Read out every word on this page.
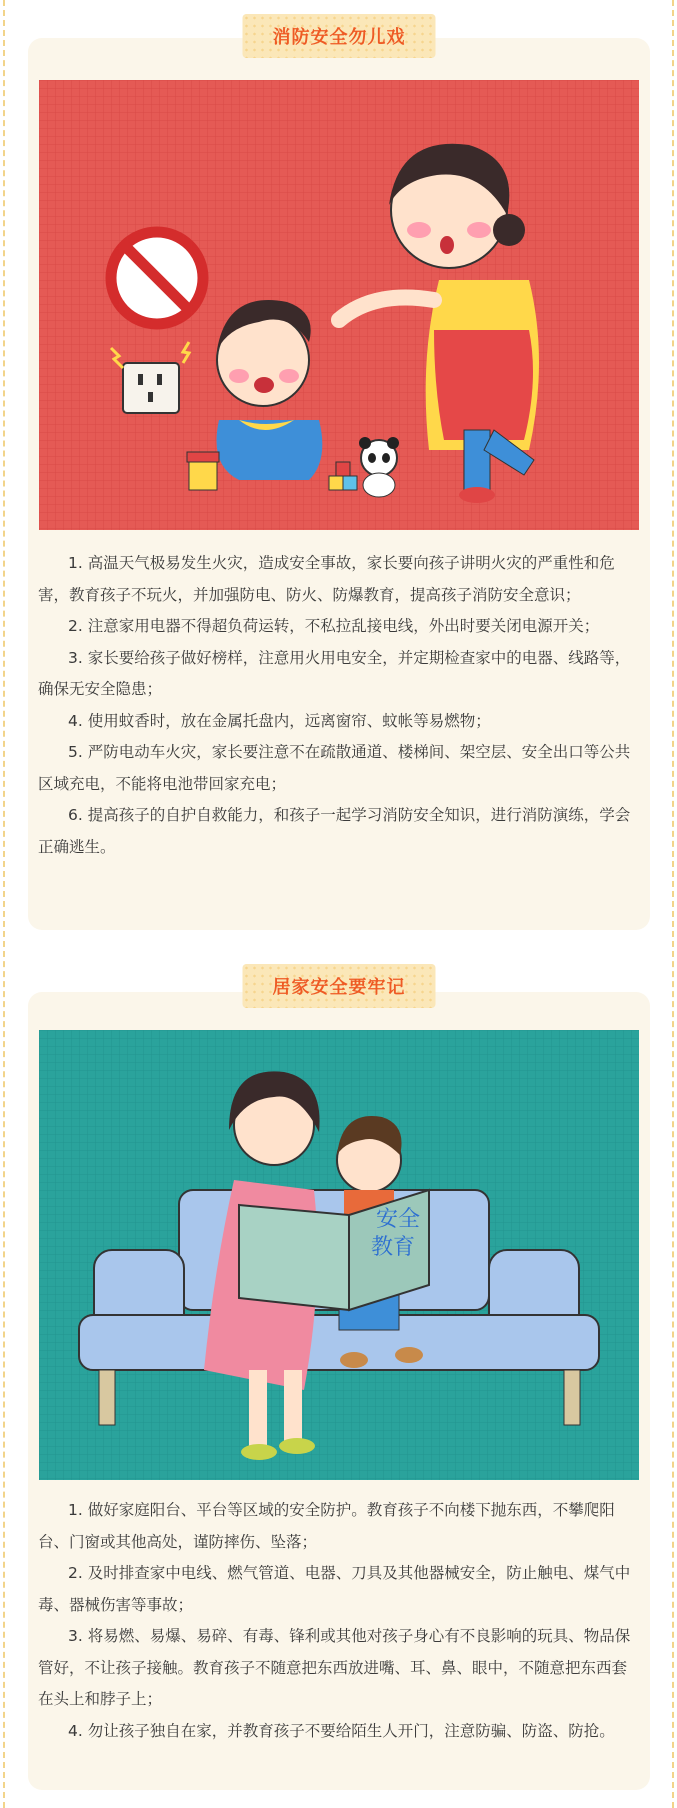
消防安全勿儿戏

1. 高温天气极易发生火灾，造成安全事故，家长要向孩子讲明火灾的严重性和危害，教育孩子不玩火，并加强防电、防火、防爆教育，提高孩子消防安全意识；

2. 注意家用电器不得超负荷运转，不私拉乱接电线，外出时要关闭电源开关；

3. 家长要给孩子做好榜样，注意用火用电安全，并定期检查家中的电器、线路等，确保无安全隐患；

4. 使用蚊香时，放在金属托盘内，远离窗帘、蚊帐等易燃物；

5. 严防电动车火灾，家长要注意不在疏散通道、楼梯间、架空层、安全出口等公共区域充电，不能将电池带回家充电；

6. 提高孩子的自护自救能力，和孩子一起学习消防安全知识，进行消防演练，学会正确逃生。

居家安全要牢记
安全
教育

1. 做好家庭阳台、平台等区域的安全防护。教育孩子不向楼下抛东西，不攀爬阳台、门窗或其他高处，谨防摔伤、坠落；

2. 及时排查家中电线、燃气管道、电器、刀具及其他器械安全，防止触电、煤气中毒、器械伤害等事故；

3. 将易燃、易爆、易碎、有毒、锋利或其他对孩子身心有不良影响的玩具、物品保管好，不让孩子接触。教育孩子不随意把东西放进嘴、耳、鼻、眼中，不随意把东西套在头上和脖子上；

4. 勿让孩子独自在家，并教育孩子不要给陌生人开门，注意防骗、防盗、防抢。
